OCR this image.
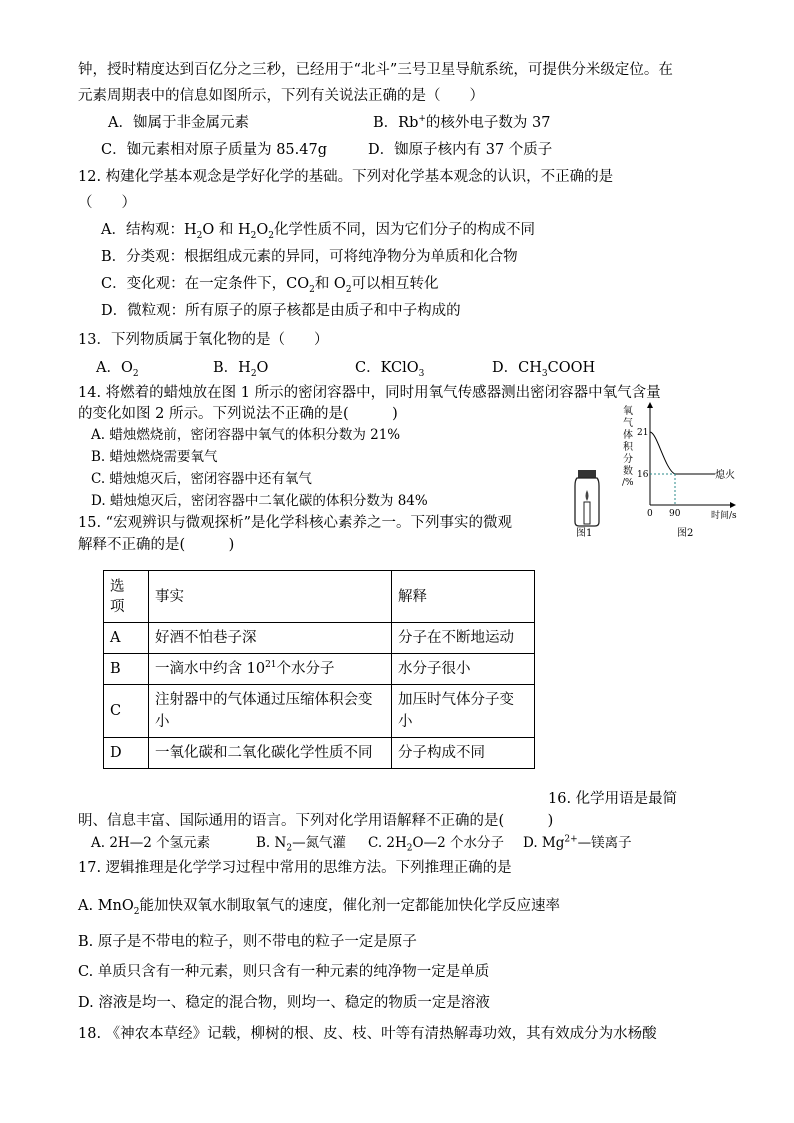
钟，授时精度达到百亿分之三秒，已经用于“北斗”三号卫星导航系统，可提供分米级定位。在
元素周期表中的信息如图所示，下列有关说法正确的是（　　）
A．铷属于非金属元素	B．Rb+的核外电子数为 37
C．铷元素相对原子质量为 85.47g	D．铷原子核内有 37 个质子
12. 构建化学基本观念是学好化学的基础。下列对化学基本观念的认识，不正确的是
（　　）
A．结构观：$H_2O$ 和 $H_2O_2$化学性质不同，因为它们分子的构成不同
B．分类观：根据组成元素的异同，可将纯净物分为单质和化合物
C．变化观：在一定条件下，$CO_2$和 $O_2$可以相互转化
D．微粒观：所有原子的原子核都是由质子和中子构成的
13．下列物质属于氧化物的是（　　）
A．$O_2$	B．$H_2O$	C．KClO$_3$	D．$CH_3COOH$
14. 将燃着的蜡烛放在图 1 所示的密闭容器中，同时用氧气传感器测出密闭容器中氧气含量
的变化如图 2 所示。下列说法不正确的是(　　　)
A. 蜡烛燃烧前，密闭容器中氧气的体积分数为 21%
B. 蜡烛燃烧需要氧气
C. 蜡烛熄灭后，密闭容器中还有氧气
D. 蜡烛熄灭后，密闭容器中二氧化碳的体积分数为 84%
图1
氧
气
体
积
分
数
/%
21
16
0 90
熄火
时间/s
图2
15. “宏观辨识与微观探析”是化学科核心素养之一。下列事实的微观
解释不正确的是(　　　)
选
项	事实	解释
A	好酒不怕巷子深	分子在不断地运动
B	一滴水中约含 $10^{21}$个水分子	水分子很小
C	注射器中的气体通过压缩体积会变小	加压时气体分子变小
D	一氧化碳和二氧化碳化学性质不同	分子构成不同
16. 化学用语是最简
明、信息丰富、国际通用的语言。下列对化学用语解释不正确的是(　　　)
A. 2H—2 个氢元素	B. $N_2—$氮气灌 C. $2H_2O—2$ 个水分子 D. $Mg^{2+}—$镁离子
17. 逻辑推理是化学学习过程中常用的思维方法。下列推理正确的是
A. MnO$_2$能加快双氧水制取氧气的速度，催化剂一定都能加快化学反应速率
B. 原子是不带电的粒子，则不带电的粒子一定是原子
C. 单质只含有一种元素，则只含有一种元素的纯净物一定是单质
D. 溶液是均一、稳定的混合物，则均一、稳定的物质一定是溶液
18. 《神农本草经》记载，柳树的根、皮、枝、叶等有清热解毒功效，其有效成分为水杨酸
